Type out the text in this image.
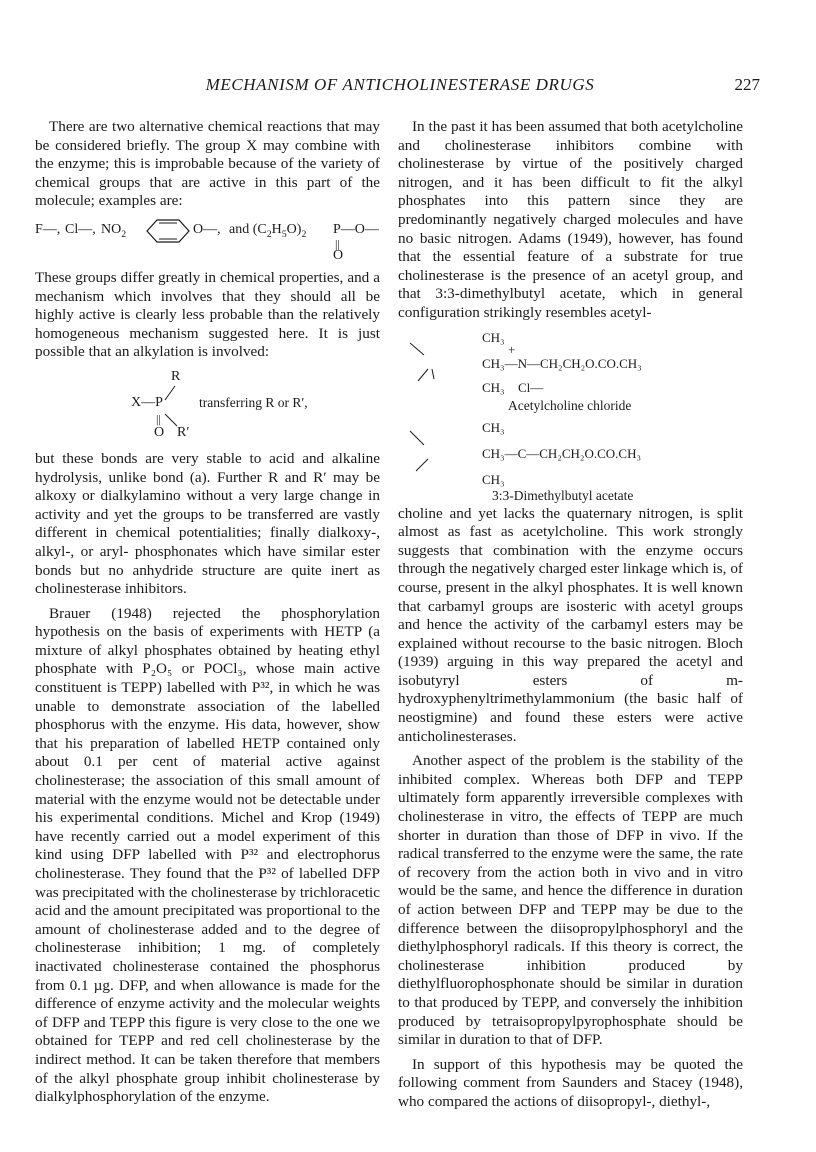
MECHANISM OF ANTICHOLINESTERASE DRUGS	227

There are two alternative chemical reactions that may be considered briefly. The group X may combine with the enzyme; this is improbable because of the variety of chemical groups that are active in this part of the molecule; examples are:

F—, Cl—, $NO_2$	O—, and $(C_2H_5O)_2$ P—O—
||
O

These groups differ greatly in chemical properties, and a mechanism which involves that they should all be highly active is clearly less probable than the relatively homogeneous mechanism suggested here. It is just possible that an alkylation is involved:

R
X—P	transferring R or R′,
||
O R′

but these bonds are very stable to acid and alkaline hydrolysis, unlike bond (a). Further R and R′ may be alkoxy or dialkylamino without a very large change in activity and yet the groups to be transferred are vastly different in chemical potentialities; finally dialkoxy-, alkyl-, or aryl- phosphonates which have similar ester bonds but no anhydride structure are quite inert as cholinesterase inhibitors.

Brauer (1948) rejected the phosphorylation hypothesis on the basis of experiments with HETP (a mixture of alkyl phosphates obtained by heating ethyl phosphate with P₂O₅ or POCl₃, whose main active constituent is TEPP) labelled with P³², in which he was unable to demonstrate association of the labelled phosphorus with the enzyme. His data, however, show that his preparation of labelled HETP contained only about 0.1 per cent of material active against cholinesterase; the association of this small amount of material with the enzyme would not be detectable under his experimental conditions. Michel and Krop (1949) have recently carried out a model experiment of this kind using DFP labelled with P³² and electrophorus cholinesterase. They found that the P³² of labelled DFP was precipitated with the cholinesterase by trichloracetic acid and the amount precipitated was proportional to the amount of cholinesterase added and to the degree of cholinesterase inhibition; 1 mg. of completely inactivated cholinesterase contained the phosphorus from 0.1 µg. DFP, and when allowance is made for the difference of enzyme activity and the molecular weights of DFP and TEPP this figure is very close to the one we obtained for TEPP and red cell cholinesterase by the indirect method. It can be taken therefore that members of the alkyl phosphate group inhibit cholinesterase by dialkylphosphorylation of the enzyme.

In the past it has been assumed that both acetylcholine and cholinesterase inhibitors combine with cholinesterase by virtue of the positively charged nitrogen, and it has been difficult to fit the alkyl phosphates into this pattern since they are predominantly negatively charged molecules and have no basic nitrogen. Adams (1949), however, has found that the essential feature of a substrate for true cholinesterase is the presence of an acetyl group, and that 3:3-dimethylbutyl acetate, which in general configuration strikingly resembles acetyl-

CH₃
+
CH₃—N—CH₂CH₂O.CO.CH₃
CH₃ Cl—
Acetylcholine chloride
CH₃
CH₃—C—CH₂CH₂O.CO.CH₃
CH₃
3:3-Dimethylbutyl acetate

choline and yet lacks the quaternary nitrogen, is split almost as fast as acetylcholine. This work strongly suggests that combination with the enzyme occurs through the negatively charged ester linkage which is, of course, present in the alkyl phosphates. It is well known that carbamyl groups are isosteric with acetyl groups and hence the activity of the carbamyl esters may be explained without recourse to the basic nitrogen. Bloch (1939) arguing in this way prepared the acetyl and isobutyryl esters of m-hydroxyphenyltrimethylammonium (the basic half of neostigmine) and found these esters were active anticholinesterases.

Another aspect of the problem is the stability of the inhibited complex. Whereas both DFP and TEPP ultimately form apparently irreversible complexes with cholinesterase in vitro, the effects of TEPP are much shorter in duration than those of DFP in vivo. If the radical transferred to the enzyme were the same, the rate of recovery from the action both in vivo and in vitro would be the same, and hence the difference in duration of action between DFP and TEPP may be due to the difference between the diisopropylphosphoryl and the diethylphosphoryl radicals. If this theory is correct, the cholinesterase inhibition produced by diethylfluorophosphonate should be similar in duration to that produced by TEPP, and conversely the inhibition produced by tetraisopropylpyrophosphate should be similar in duration to that of DFP.

In support of this hypothesis may be quoted the following comment from Saunders and Stacey (1948), who compared the actions of diisopropyl-, diethyl-,
